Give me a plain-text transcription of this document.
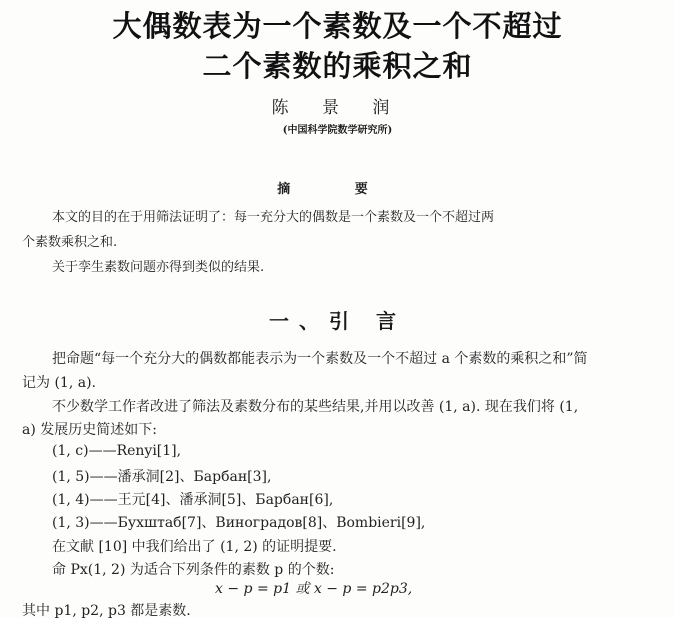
大偶数表为一个素数及一个不超过
二个素数的乘积之和
陈 景 润
(中国科学院数学研究所)
摘 要
本文的目的在于用筛法证明了：每一充分大的偶数是一个素数及一个不超过两
个素数乘积之和.
关于孪生素数问题亦得到类似的结果.
一、引 言
把命题“每一个充分大的偶数都能表示为一个素数及一个不超过 a 个素数的乘积之和”简
记为 (1, a).
不少数学工作者改进了筛法及素数分布的某些结果,并用以改善 (1, a). 现在我们将 (1,
a) 发展历史简述如下:
(1, c)——Renyi[1],
(1, 5)——潘承洞[2]、Барбан[3],
(1, 4)——王元[4]、潘承洞[5]、Барбан[6],
(1, 3)——Бухштаб[7]、Виноградов[8]、Bombieri[9],
在文献 [10] 中我们给出了 (1, 2) 的证明提要.
命 Px(1, 2) 为适合下列条件的素数 p 的个数:
x − p = p1 或 x − p = p2p3,
其中 p1, p2, p3 都是素数.
